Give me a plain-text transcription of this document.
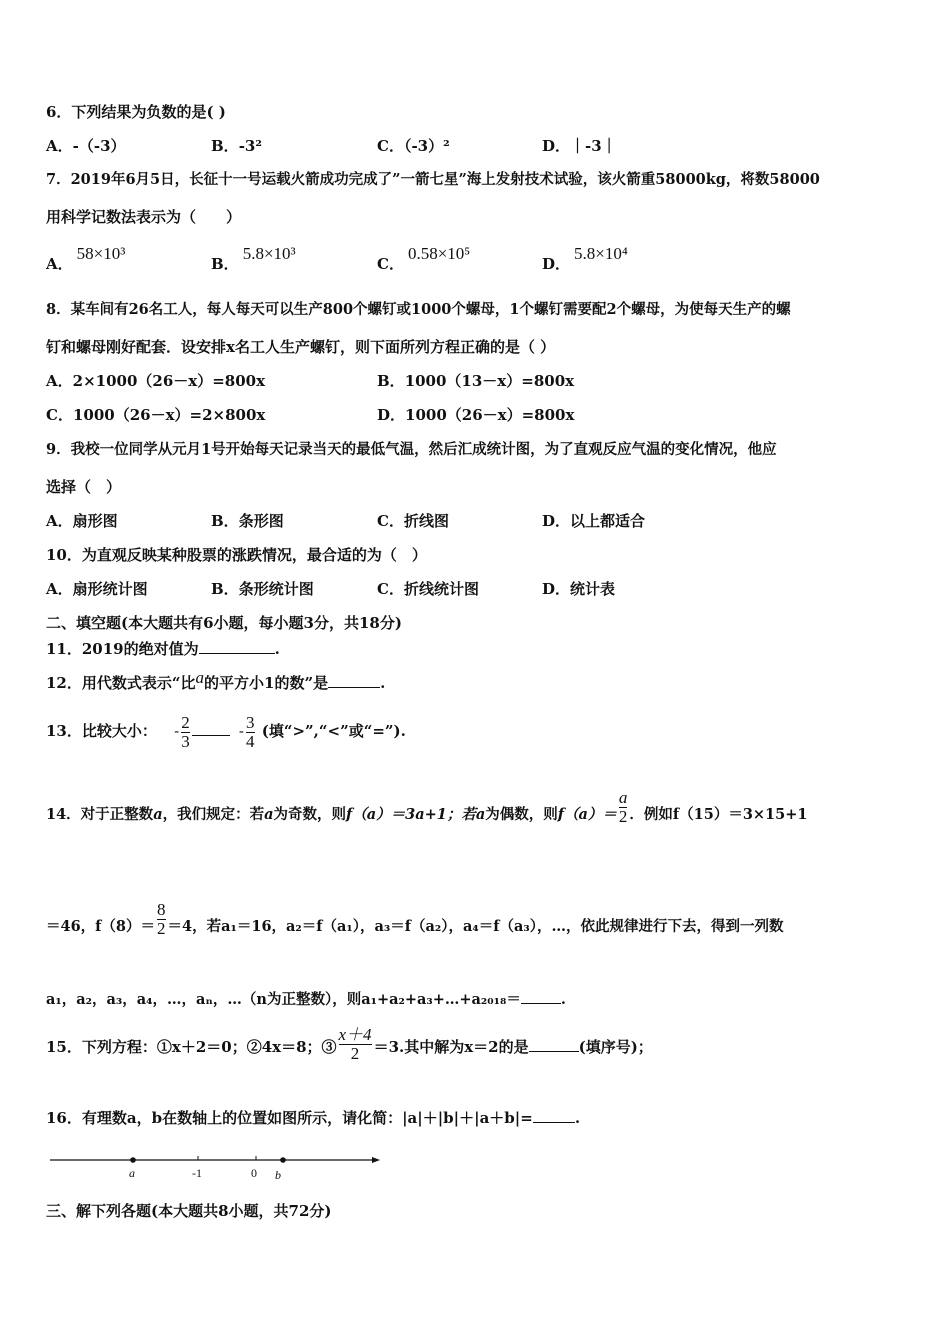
6．下列结果为负数的是( )
A．-（-3）	B．-3²	C．（-3）²	D．｜-3｜
7．2019年6月5日，长征十一号运载火箭成功完成了”一箭七星”海上发射技术试验，该火箭重58000kg，将数58000
用科学记数法表示为（　　）
A．58×10³
B．5.8×10³
C．0.58×10⁵
D．5.8×10⁴
8．某车间有26名工人，每人每天可以生产800个螺钉或1000个螺母，1个螺钉需要配2个螺母，为使每天生产的螺
钉和螺母刚好配套．设安排x名工人生产螺钉，则下面所列方程正确的是（ ）
A．2×1000（26－x）=800x	B．1000（13－x）=800x
C．1000（26－x）=2×800x	D．1000（26－x）=800x
9．我校一位同学从元月1号开始每天记录当天的最低气温，然后汇成统计图，为了直观反应气温的变化情况，他应
选择（　）
A．扇形图	B．条形图	C．折线图	D．以上都适合
10．为直观反映某种股票的涨跌情况，最合适的为（　）
A．扇形统计图	B．条形统计图	C．折线统计图	D．统计表
二、填空题(本大题共有6小题，每小题3分，共18分)
11．2019的绝对值为	.
12．用代数式表示“比a的平方小1的数”是	.
13．比较大小： - $\frac{2}{3}$	- $\frac{3}{4}$ (填“>”,“<”或“=”).
14．对于正整数a，我们规定：若a为奇数，则f（a）＝3a+1；若a为偶数，则$f(a)= \frac{a}{2}$ ．例如f（15）＝3×15+1
＝46，$f(8)= \frac{8}{2} =4$，若a₁＝16，a₂＝f（a₁），a₃＝f（a₂），a₄＝f（a₃），…，依此规律进行下去，得到一列数
a₁，a₂，a₃，a₄，…，aₙ，…（n为正整数），则a₁+a₂+a₃+…+a₂₀₁₈＝	.
15．下列方程：①x＋2＝0；②4x＝8；③ $\frac{x+4}{2} =3$.其中解为x＝2的是	(填序号)；
16．有理数a，b在数轴上的位置如图所示，请化简：|a|＋|b|＋|a＋b|=	.
a	-1	0 b
三、解下列各题(本大题共8小题，共72分)
